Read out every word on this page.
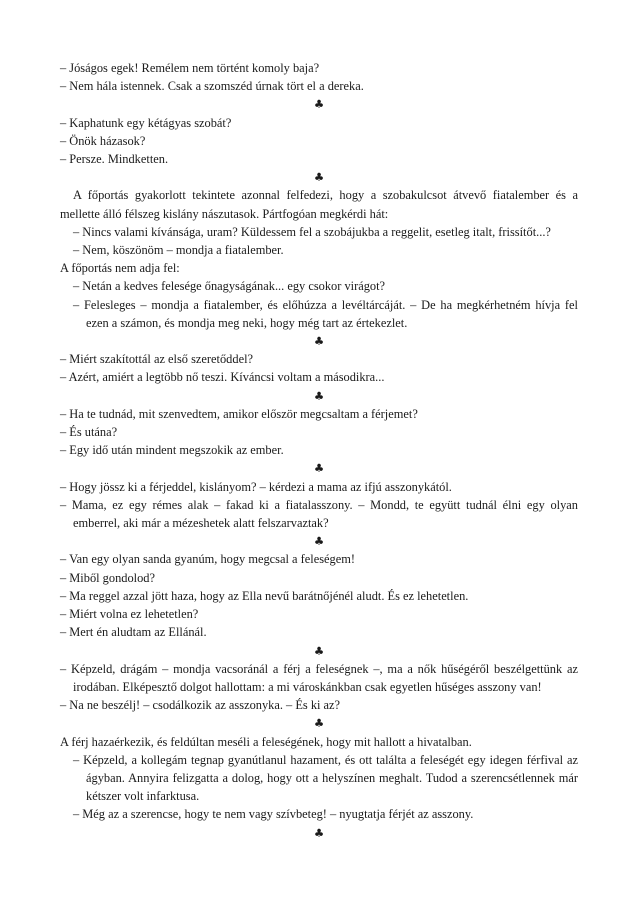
– Jóságos egek! Remélem nem történt komoly baja?

– Nem hála istennek. Csak a szomszéd úrnak tört el a dereka.

♣

– Kaphatunk egy kétágyas szobát?

– Önök házasok?

– Persze. Mindketten.

♣

A főportás gyakorlott tekintete azonnal felfedezi, hogy a szobakulcsot átvevő fiatalember és a mellette álló félszeg kislány nászutasok. Pártfogóan megkérdi hát:

– Nincs valami kívánsága, uram? Küldessem fel a szobájukba a reggelit, esetleg italt, frissítőt...?

– Nem, köszönöm – mondja a fiatalember.

A főportás nem adja fel:

– Netán a kedves felesége őnagyságának... egy csokor virágot?

– Felesleges – mondja a fiatalember, és előhúzza a levéltárcáját. – De ha megkérhetném hívja fel ezen a számon, és mondja meg neki, hogy még tart az értekezlet.

♣

– Miért szakítottál az első szeretőddel?

– Azért, amiért a legtöbb nő teszi. Kíváncsi voltam a másodikra...

♣

– Ha te tudnád, mit szenvedtem, amikor először megcsaltam a férjemet?

– És utána?

– Egy idő után mindent megszokik az ember.

♣

– Hogy jössz ki a férjeddel, kislányom? – kérdezi a mama az ifjú asszonykától.

– Mama, ez egy rémes alak – fakad ki a fiatalasszony. – Mondd, te együtt tudnál élni egy olyan emberrel, aki már a mézeshetek alatt felszarvaztak?

♣

– Van egy olyan sanda gyanúm, hogy megcsal a feleségem!

– Miből gondolod?

– Ma reggel azzal jött haza, hogy az Ella nevű barátnőjénél aludt. És ez lehetetlen.

– Miért volna ez lehetetlen?

– Mert én aludtam az Ellánál.

♣

– Képzeld, drágám – mondja vacsoránál a férj a feleségnek –, ma a nők hűségéről beszélgettünk az irodában. Elképesztő dolgot hallottam: a mi városkánkban csak egyetlen hűséges asszony van!

– Na ne beszélj! – csodálkozik az asszonyka. – És ki az?

♣

A férj hazaérkezik, és feldúltan meséli a feleségének, hogy mit hallott a hivatalban.

– Képzeld, a kollegám tegnap gyanútlanul hazament, és ott találta a feleségét egy idegen férfival az ágyban. Annyira felizgatta a dolog, hogy ott a helyszínen meghalt. Tudod a szerencsétlennek már kétszer volt infarktusa.

– Még az a szerencse, hogy te nem vagy szívbeteg! – nyugtatja férjét az asszony.

♣
